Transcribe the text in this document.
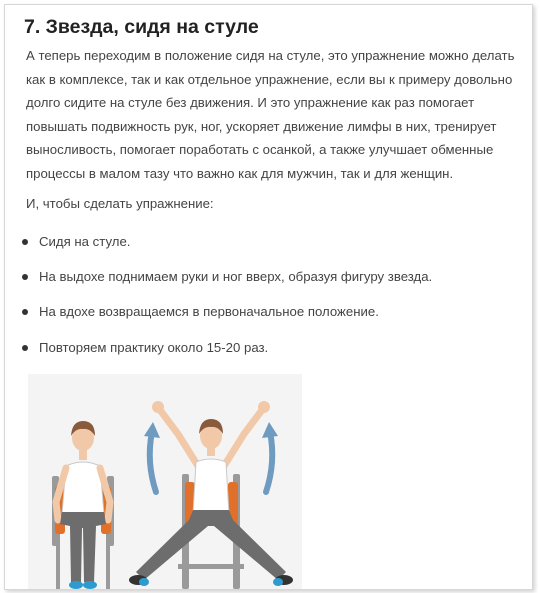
7. Звезда, сидя на стуле

А теперь переходим в положение сидя на стуле, это упражнение можно делать как в комплексе, так и как отдельное упражнение, если вы к примеру довольно долго сидите на стуле без движения. И это упражнение как раз помогает повышать подвижность рук, ног, ускоряет движение лимфы в них, тренирует выносливость, помогает поработать с осанкой, а также улучшает обменные процессы в малом тазу что важно как для мужчин, так и для женщин.

И, чтобы сделать упражнение:

Сидя на стуле.
На выдохе поднимаем руки и ног вверх, образуя фигуру звезда.
На вдохе возвращаемся в первоначальное положение.
Повторяем практику около 15-20 раз.
